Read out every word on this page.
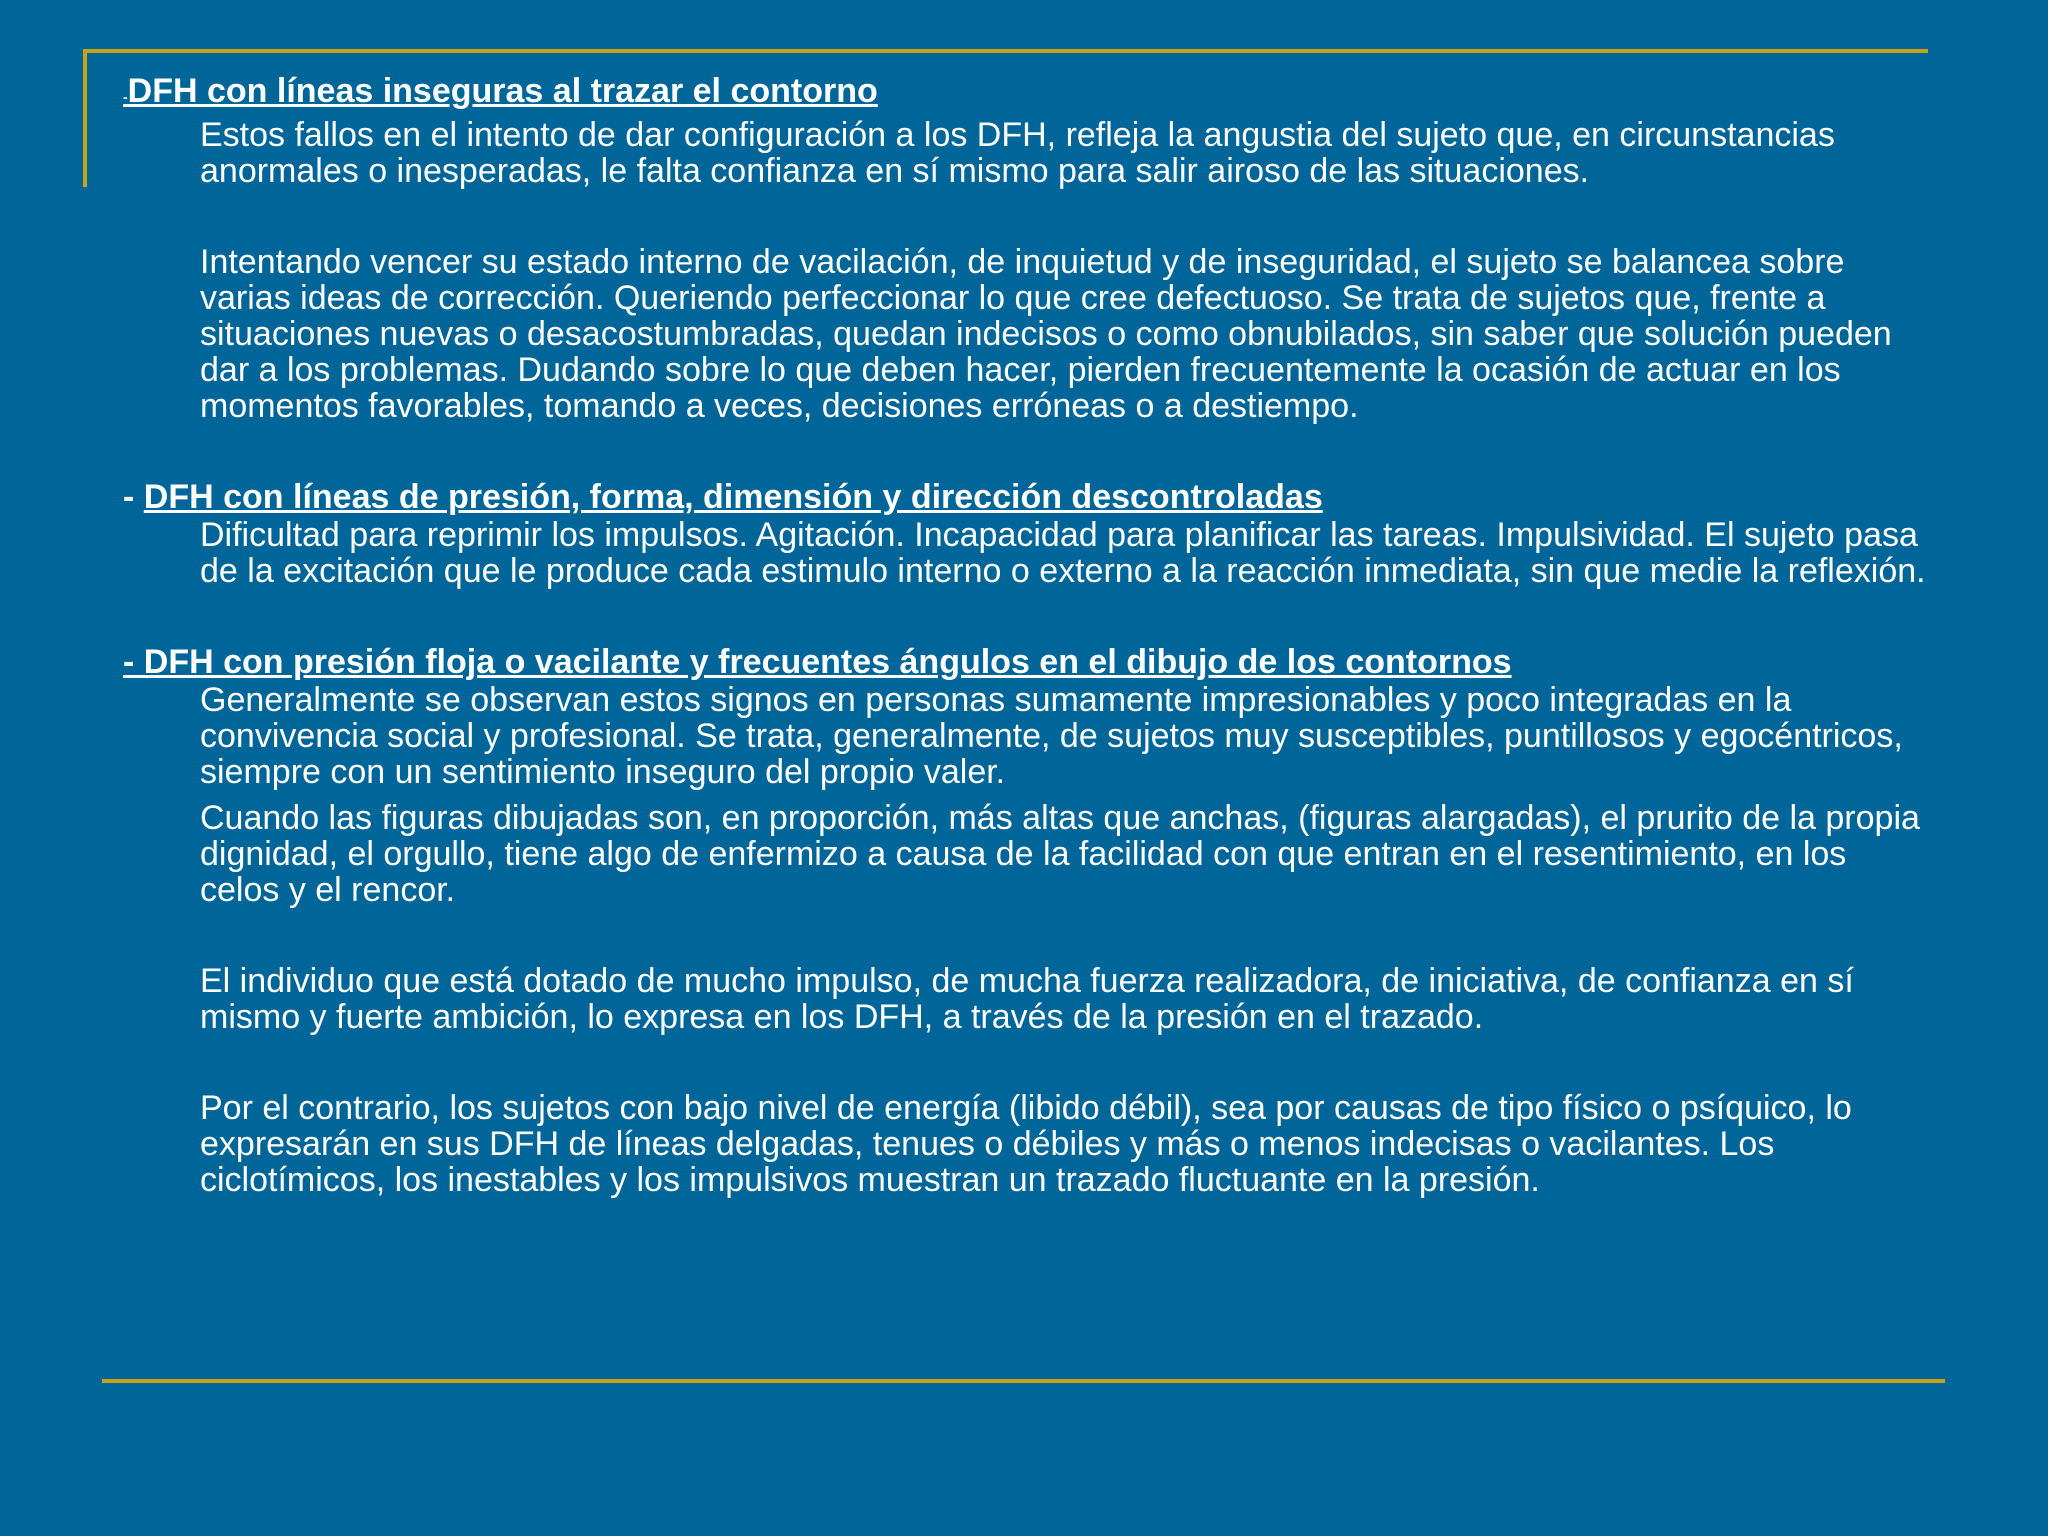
-DFH con líneas inseguras al trazar el contorno

Estos fallos en el intento de dar configuración a los DFH, refleja la angustia del sujeto que, en circunstancias anormales o inesperadas, le falta confianza en sí mismo para salir airoso de las situaciones.

Intentando vencer su estado interno de vacilación, de inquietud y de inseguridad, el sujeto se balancea sobre varias ideas de corrección. Queriendo perfeccionar lo que cree defectuoso. Se trata de sujetos que, frente a situaciones nuevas o desacostumbradas, quedan indecisos o como obnubilados, sin saber que solución pueden dar a los problemas. Dudando sobre lo que deben hacer, pierden frecuentemente la ocasión de actuar en los momentos favorables, tomando a veces, decisiones erróneas o a destiempo.

- DFH con líneas de presión, forma, dimensión y dirección descontroladas

Dificultad para reprimir los impulsos. Agitación. Incapacidad para planificar las tareas. Impulsividad. El sujeto pasa de la excitación que le produce cada estimulo interno o externo a la reacción inmediata, sin que medie la reflexión.

- DFH con presión floja o vacilante y frecuentes ángulos en el dibujo de los contornos

Generalmente se observan estos signos en personas sumamente impresionables y poco integradas en la convivencia social y profesional. Se trata, generalmente, de sujetos muy susceptibles, puntillosos y egocéntricos, siempre con un sentimiento inseguro del propio valer.

Cuando las figuras dibujadas son, en proporción, más altas que anchas, (figuras alargadas), el prurito de la propia dignidad, el orgullo, tiene algo de enfermizo a causa de la facilidad con que entran en el resentimiento, en los celos y el rencor.

El individuo que está dotado de mucho impulso, de mucha fuerza realizadora, de iniciativa, de confianza en sí mismo y fuerte ambición, lo expresa en los DFH, a través de la presión en el trazado.

Por el contrario, los sujetos con bajo nivel de energía (libido débil), sea por causas de tipo físico o psíquico, lo expresarán en sus DFH de líneas delgadas, tenues o débiles y más o menos indecisas o vacilantes. Los ciclotímicos, los inestables y los impulsivos muestran un trazado fluctuante en la presión.
